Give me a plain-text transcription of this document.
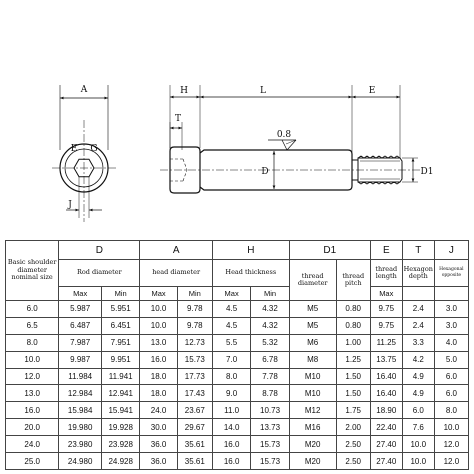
A
E G
J
H	L	E
T
D	D1
0.8
Basic shoulder diameter nominal size	D		A		H		D1		E	T	J
	Rod diameter		head diameter		Head thickness		thread diameter	thread pitch	thread length	Hexagon depth	Hexagonal opposite
	Max	Min	Max	Min	Max	Min			Max		
6.0	5.987	5.951	10.0	9.78	4.5	4.32	M5	0.80	9.75	2.4	3.0
6.5	6.487	6.451	10.0	9.78	4.5	4.32	M5	0.80	9.75	2.4	3.0
8.0	7.987	7.951	13.0	12.73	5.5	5.32	M6	1.00	11.25	3.3	4.0
10.0	9.987	9.951	16.0	15.73	7.0	6.78	M8	1.25	13.75	4.2	5.0
12.0	11.984	11.941	18.0	17.73	8.0	7.78	M10	1.50	16.40	4.9	6.0
13.0	12.984	12.941	18.0	17.43	9.0	8.78	M10	1.50	16.40	4.9	6.0
16.0	15.984	15.941	24.0	23.67	11.0	10.73	M12	1.75	18.90	6.0	8.0
20.0	19.980	19.928	30.0	29.67	14.0	13.73	M16	2.00	22.40	7.6	10.0
24.0	23.980	23.928	36.0	35.61	16.0	15.73	M20	2.50	27.40	10.0	12.0
25.0	24.980	24.928	36.0	35.61	16.0	15.73	M20	2.50	27.40	10.0	12.0
